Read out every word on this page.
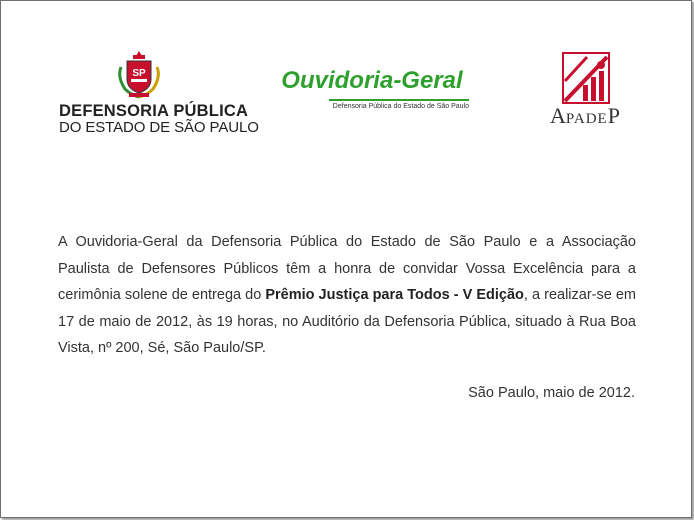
SP
DEFENSORIA PÚBLICA
DO ESTADO DE SÃO PAULO
Ouvidoria-Geral
Defensoria Pública do Estado de São Paulo	APADEP
A Ouvidoria-Geral da Defensoria Pública do Estado de São Paulo e a Associação Paulista de Defensores Públicos têm a honra de convidar Vossa Excelência para a cerimônia solene de entrega do Prêmio Justiça para Todos - V Edição, a realizar-se em 17 de maio de 2012, às 19 horas, no Auditório da Defensoria Pública, situado à Rua Boa Vista, nº 200, Sé, São Paulo/SP.
São Paulo, maio de 2012.
